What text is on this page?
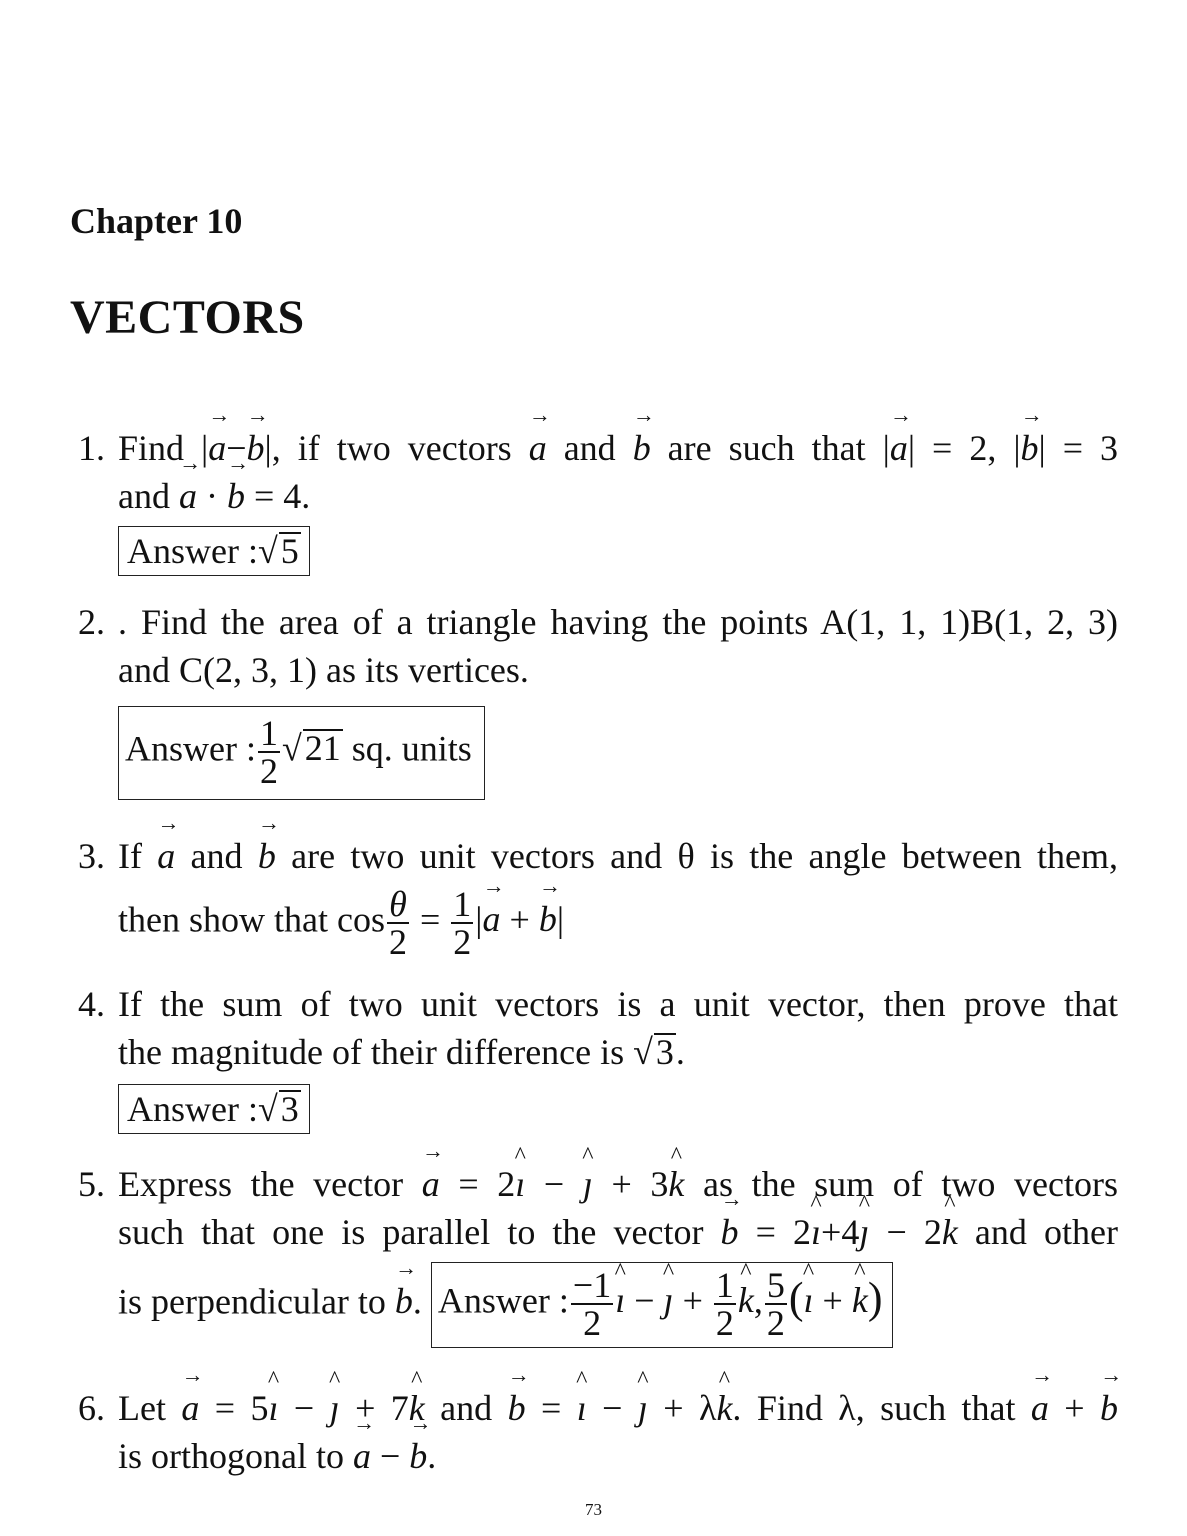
Chapter 10
VECTORS
1. Find |→ a−→ b|, if two vectors → a and → b are such that |→ a| = 2, |→ b| = 3
and → a · → b = 4.
Answer :√5
2. . Find the area of a triangle having the points A(1, 1, 1)B(1, 2, 3)
and C(2, 3, 1) as its vertices.
Answer : $\frac{1}{2} √21$ sq. units
3. If → a and → b are two unit vectors and θ is the angle between them,
then show that $\cos \frac{\theta}{2} = \frac{1}{2}$ |→ a + → b|
4. If the sum of two unit vectors is a unit vector, then prove that
the magnitude of their difference is √3.
Answer :√3
5. Express the vector → a = 2^ ı − ^ ȷ + 3^ k as the sum of two vectors
such that one is parallel to the vector → b = 2^ ı+4^ ȷ − 2^ k and other
is perpendicular to → b. Answer : $\frac{-1}{2}$ ^ ı − ^ ȷ + $\frac{1}{2}$ ^ k, $\frac{5}{2}$ (^ ı + ^ k)
6. Let → a = 5^ ı − ^ ȷ + 7^ k and → b = ^ ı − ^ ȷ + λ^ k. Find λ, such that → a + → b
is orthogonal to → a − → b.
73
